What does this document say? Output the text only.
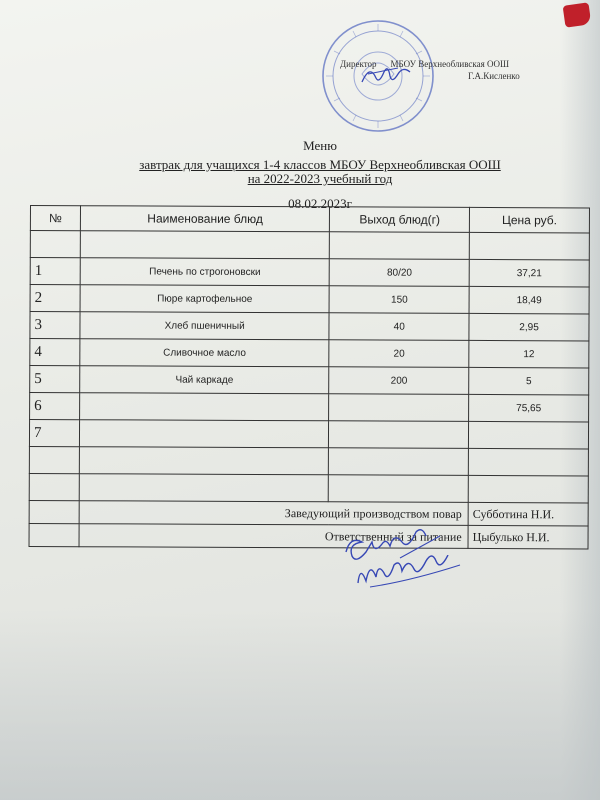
Директор МБОУ Верхнеобливская ООШ
Г.А.Кисленко
Меню
завтрак для учащихся 1-4 классов МБОУ Верхнеобливская ООШ
на 2022-2023 учебный год
08.02.2023г
№	Наименование блюд	Выход блюд(г)	Цена руб.

1	Печень по строгоновски	80/20	37,21
2	Пюре картофельное	150	18,49
3	Хлеб пшеничный	40	2,95
4	Сливочное масло	20	12
5	Чай каркаде	200	5
6			75,65
7			

	Заведующий производством повар		Субботина Н.И.
	Ответственный за питание		Цыбулько Н.И.
